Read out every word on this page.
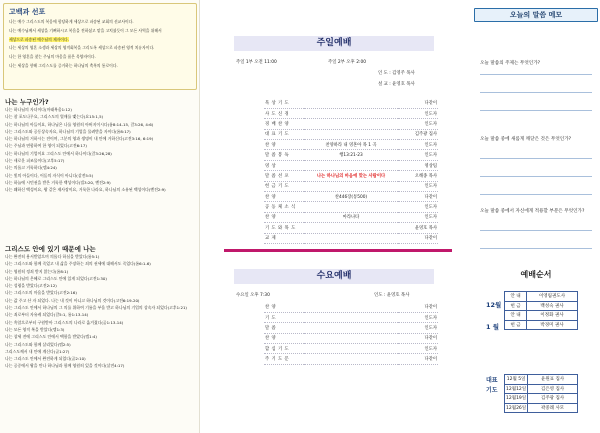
고백과 선포
나는 예수 그리스도의 복음에 합당하게 세상으로 파송된 교회의 선교사이다.
나는 예수님께서 세상을 기뻐하시고 복음을 전하셨고 맡을 고치셨듯이 그 모든 사역을 위해서
세상으로 파송된 예수님의 제자이다.
나는 세상의 영혼 소생과 세상의 영적회복을 그리도록 세상으로 파송된 영적 치유자이다.
나는 한 영혼을 찾는 주님의 마음을 품은 목양자이다.
나는 세상을 향해 그리스도를 증거하는 하나님의 축복의 통로이다.
나는 누구인가?
나는 하나님의 자녀이다(마태복음1:12)
나는 참 포도나무요, 그리스도의 열매를 맺는다(요15:1,5)
나는 하나님의 아들이요, 하나님은 나를 영원히 아버지이시다(롬8:14-15, 갈3:26, 4:6)
나는 그리스도와 공동상속자요, 하나님의 기업을 물려받을 자이다(롬8:17)
나는 하나님의 거하시는 전이며, 그분의 영과 생명이 내 안에 거하신다(고전3:16, 6:19)
나는 주님과 연합하여 한 영이 되었다(고전6:17)
나는 하나님의 기업이요 그리스도 안에서 하나이다(갈3:26,28)
나는 새로운 피조물이다(고후5:17)
나는 의롭고 거룩하다(엡4:24)
나는 빛의 아들이다, 어둠의 자식이 아니다(살전5:5)
나는 하늘에 시민권을 받은 거룩한 백성이다(빌3:20, 벧전2:9)
나는 왜하신 백성이요, 왕 같은 제사장이요, 거룩한 나라요, 하나님의 소유된 백성이다(벧전2:9)
그리스도 안에 있기 때문에 나는
나는 완전히 용서받았으며 의롭다 하심을 받았다(롬5:1)
나는 그리스도와 함께 죽었고 내 삶을 주장하는 죄의 권세에 대해서도 죽었다(롬6:1-6)
나는 영원히 정죄 받지 않는다(롬8:1)
나는 하나님의 은혜로 그리스도 안에 있게 되었다(고전1:30)
나는 성령을 받았다(고전2:12)
나는 그리스도의 마음을 받았다(고전2:16)
나는 값 주고 산 자 되었다. 나는 내 것이 아니고 하나님의 것이다(고전6:19-20)
나는 그리스도 안에서 하나님의 그 의를 위하여 기름을 부음 받고 하나님의 기업의 상속자 되었다(고후1:21)
나는 죄로부터 자유케 되었다(갈5:1, 롬1:13-14)
나는 흑암으로부터 구원받아 그리스도의 나라로 옮겨졌다(골1:13-14)
나는 모든 영적 복을 받았다(엡1:3)
나는 창세 전에 그리스도 안에서 택함을 받았다(엡1:4)
나는 그리스도와 함께 살리었다(엡2:5)
그리스도께서 내 안에 계신다(골1:27)
나는 그리스도 안에서 완전하게 되었다(골2:10)
나는 공중에서 왕을 만나 하나님과 함께 영원히 있을 것이다(살전4:17)
주일예배
주일 1부 오전 11:00	주일 2부 오후 2:00
인 도 : 김영주 목사
설 교 : 윤영호 목사
묵 상 기 도		다같이
사 도 신 경		인도자
경 배 찬 양		인도자
대 표 기 도		김주광 집사
찬 양	찬양하라 내 영혼아 목 1 곡	인도자
말 씀 봉 독	행13:21-23	인도자
영 상		영상팀
말 씀 선 포	나는 하나님의 마음에 맞는 사람이다	오해종 목사
헌 금 기 도		인도자
찬 양	찬446장(통500)	다같이
공 동 체 소 식		인도자
찬 양	마라나타	인도자
기 도 와 목 도		윤영호 목사
교 제		다같이
수요예배
수요일 오후 7:30	인도 : 윤영호 목사
찬 양		다같이
기 도		인도자
말 씀		인도자
찬 양		다같이
합 심 기 도		인도자
주 기 도 문		다같이
오늘의 말씀 메모
오늘 말씀의 주제는 무엇인가?
오늘 말씀 중에 새롭게 깨닫은 것은 무엇인가?
오늘 말씀 중에서 자신에게 적용할 부분은 무엇인가?
예배순서
12월
1 월
안 내	이영림권도사
헌 금	백성숙 권사
안 내	이정화 권사
헌 금	박경미 권사
대표 기도
12월 5일	윤원표 집사
12월12일	김은영 집사
12월19일	김주광 집사
12월26일	곽중례 사모
